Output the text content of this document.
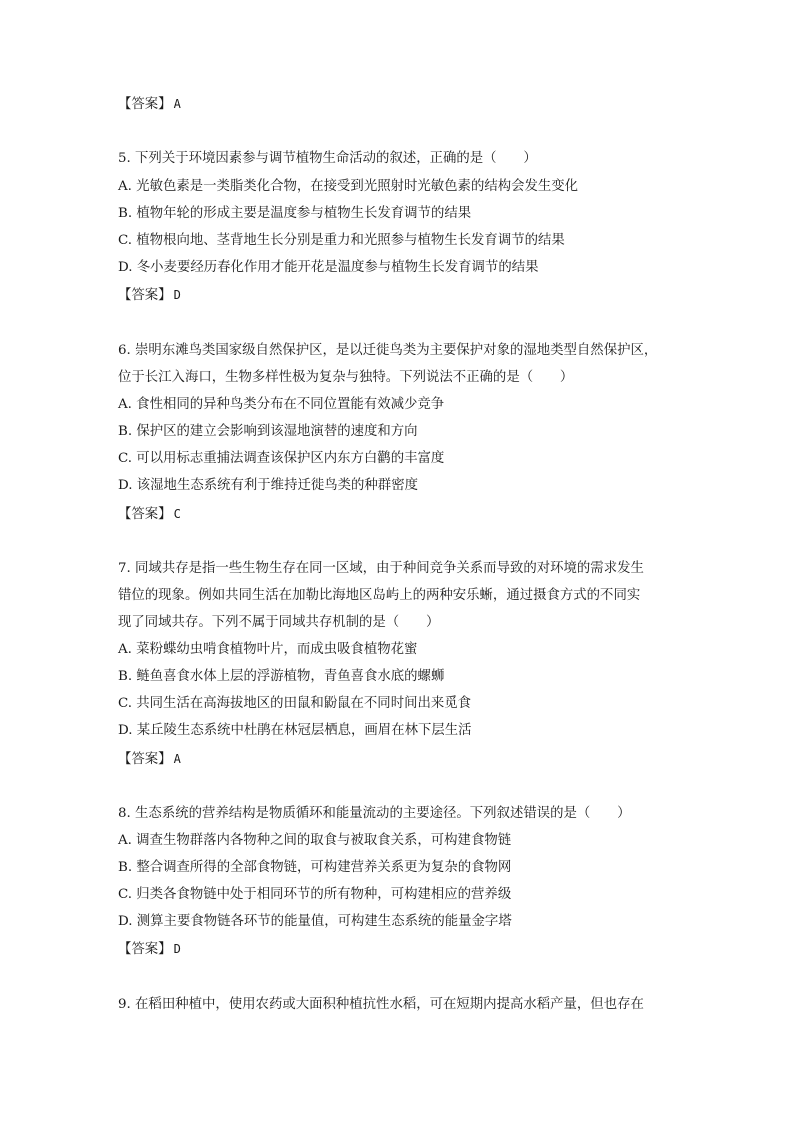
【答案】 A
5. 下列关于环境因素参与调节植物生命活动的叙述，正确的是（　　）
A. 光敏色素是一类脂类化合物，在接受到光照射时光敏色素的结构会发生变化
B. 植物年轮的形成主要是温度参与植物生长发育调节的结果
C. 植物根向地、茎背地生长分别是重力和光照参与植物生长发育调节的结果
D. 冬小麦要经历春化作用才能开花是温度参与植物生长发育调节的结果
【答案】 D
6. 崇明东滩鸟类国家级自然保护区，是以迁徙鸟类为主要保护对象的湿地类型自然保护区，
位于长江入海口，生物多样性极为复杂与独特。下列说法不正确的是（　　）
A. 食性相同的异种鸟类分布在不同位置能有效减少竞争
B. 保护区的建立会影响到该湿地演替的速度和方向
C. 可以用标志重捕法调查该保护区内东方白鹳的丰富度
D. 该湿地生态系统有利于维持迁徙鸟类的种群密度
【答案】 C
7. 同域共存是指一些生物生存在同一区域，由于种间竞争关系而导致的对环境的需求发生
错位的现象。例如共同生活在加勒比海地区岛屿上的两种安乐蜥，通过摄食方式的不同实
现了同域共存。下列不属于同域共存机制的是（　　）
A. 菜粉蝶幼虫啃食植物叶片，而成虫吸食植物花蜜
B. 鲢鱼喜食水体上层的浮游植物，青鱼喜食水底的螺蛳
C. 共同生活在高海拔地区的田鼠和鼢鼠在不同时间出来觅食
D. 某丘陵生态系统中杜鹃在林冠层栖息，画眉在林下层生活
【答案】 A
8. 生态系统的营养结构是物质循环和能量流动的主要途径。下列叙述错误的是（　　）
A. 调查生物群落内各物种之间的取食与被取食关系，可构建食物链
B. 整合调查所得的全部食物链，可构建营养关系更为复杂的食物网
C. 归类各食物链中处于相同环节的所有物种，可构建相应的营养级
D. 测算主要食物链各环节的能量值，可构建生态系统的能量金字塔
【答案】 D
9. 在稻田种植中，使用农药或大面积种植抗性水稻，可在短期内提高水稻产量，但也存在
